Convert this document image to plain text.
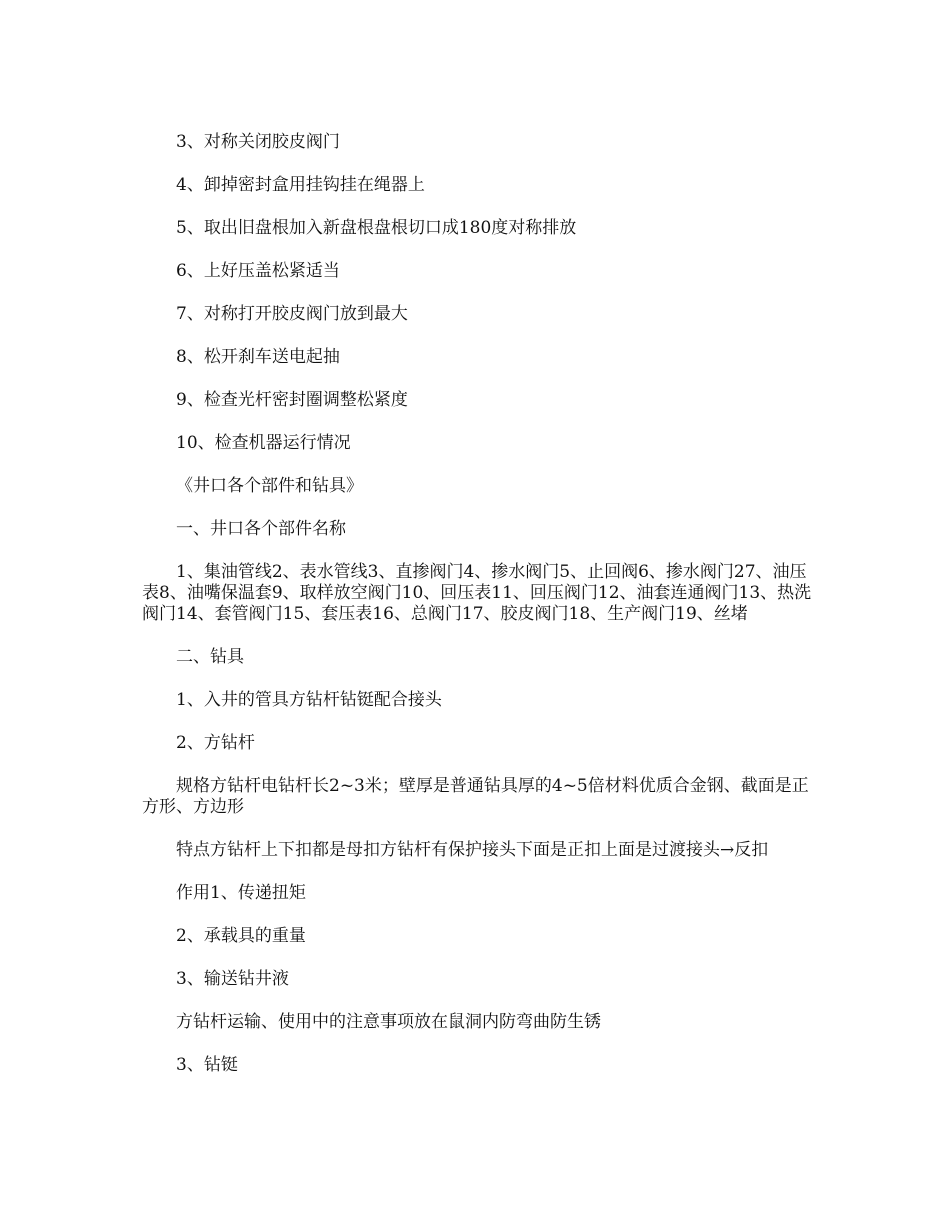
3、对称关闭胶皮阀门

4、卸掉密封盒用挂钩挂在绳器上

5、取出旧盘根加入新盘根盘根切口成180度对称排放

6、上好压盖松紧适当

7、对称打开胶皮阀门放到最大

8、松开刹车送电起抽

9、检查光杆密封圈调整松紧度

10、检查机器运行情况

《井口各个部件和钻具》

一、井口各个部件名称

1、集油管线2、表水管线3、直掺阀门4、掺水阀门5、止回阀6、掺水阀门27、油压表8、油嘴保温套9、取样放空阀门10、回压表11、回压阀门12、油套连通阀门13、热洗阀门14、套管阀门15、套压表16、总阀门17、胶皮阀门18、生产阀门19、丝堵

二、钻具

1、入井的管具方钻杆钻铤配合接头

2、方钻杆

规格方钻杆电钻杆长2~3米；壁厚是普通钻具厚的4~5倍材料优质合金钢、截面是正方形、方边形

特点方钻杆上下扣都是母扣方钻杆有保护接头下面是正扣上面是过渡接头→反扣

作用1、传递扭矩

2、承载具的重量

3、输送钻井液

方钻杆运输、使用中的注意事项放在鼠洞内防弯曲防生锈

3、钻铤
